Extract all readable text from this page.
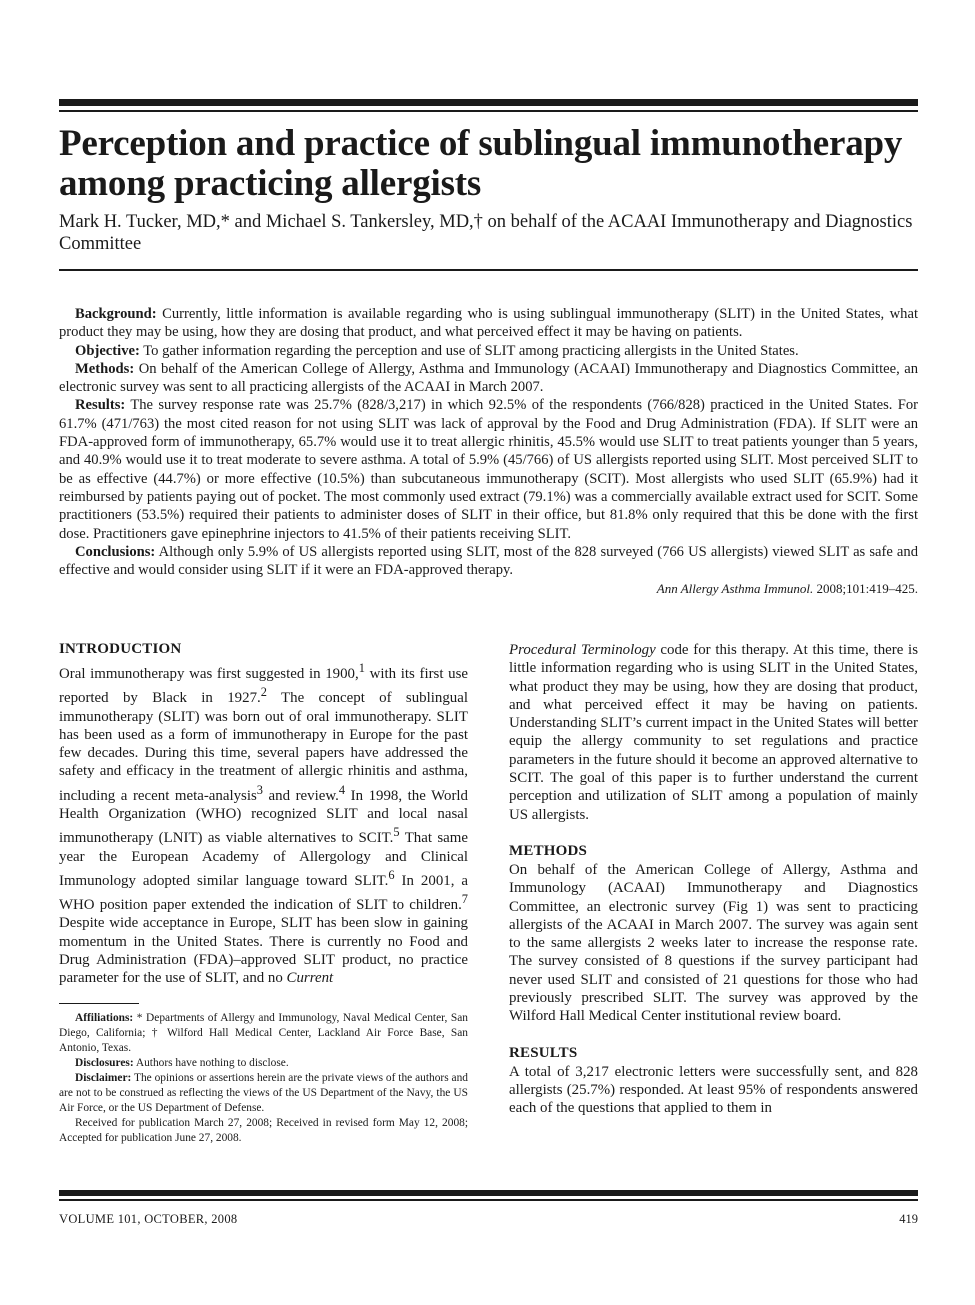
Perception and practice of sublingual immunotherapy among practicing allergists

Mark H. Tucker, MD,* and Michael S. Tankersley, MD,† on behalf of the ACAAI Immunotherapy and Diagnostics Committee

Background: Currently, little information is available regarding who is using sublingual immunotherapy (SLIT) in the United States, what product they may be using, how they are dosing that product, and what perceived effect it may be having on patients.

Objective: To gather information regarding the perception and use of SLIT among practicing allergists in the United States.

Methods: On behalf of the American College of Allergy, Asthma and Immunology (ACAAI) Immunotherapy and Diagnostics Committee, an electronic survey was sent to all practicing allergists of the ACAAI in March 2007.

Results: The survey response rate was 25.7% (828/3,217) in which 92.5% of the respondents (766/828) practiced in the United States. For 61.7% (471/763) the most cited reason for not using SLIT was lack of approval by the Food and Drug Administration (FDA). If SLIT were an FDA-approved form of immunotherapy, 65.7% would use it to treat allergic rhinitis, 45.5% would use SLIT to treat patients younger than 5 years, and 40.9% would use it to treat moderate to severe asthma. A total of 5.9% (45/766) of US allergists reported using SLIT. Most perceived SLIT to be as effective (44.7%) or more effective (10.5%) than subcutaneous immunotherapy (SCIT). Most allergists who used SLIT (65.9%) had it reimbursed by patients paying out of pocket. The most commonly used extract (79.1%) was a commercially available extract used for SCIT. Some practitioners (53.5%) required their patients to administer doses of SLIT in their office, but 81.8% only required that this be done with the first dose. Practitioners gave epinephrine injectors to 41.5% of their patients receiving SLIT.

Conclusions: Although only 5.9% of US allergists reported using SLIT, most of the 828 surveyed (766 US allergists) viewed SLIT as safe and effective and would consider using SLIT if it were an FDA-approved therapy.

Ann Allergy Asthma Immunol. 2008;101:419–425.
INTRODUCTION

Oral immunotherapy was first suggested in 1900,$^1$ with its first use reported by Black in 1927.$^2$ The concept of sublingual immunotherapy (SLIT) was born out of oral immunotherapy. SLIT has been used as a form of immunotherapy in Europe for the past few decades. During this time, several papers have addressed the safety and efficacy in the treatment of allergic rhinitis and asthma, including a recent meta-analysis$^3$ and review.$^4$ In 1998, the World Health Organization (WHO) recognized SLIT and local nasal immunotherapy (LNIT) as viable alternatives to SCIT.$^5$ That same year the European Academy of Allergology and Clinical Immunology adopted similar language toward SLIT.$^6$ In 2001, a WHO position paper extended the indication of SLIT to children.$^7$ Despite wide acceptance in Europe, SLIT has been slow in gaining momentum in the United States. There is currently no Food and Drug Administration (FDA)–approved SLIT product, no practice parameter for the use of SLIT, and no Current

Affiliations: * Departments of Allergy and Immunology, Naval Medical Center, San Diego, California; † Wilford Hall Medical Center, Lackland Air Force Base, San Antonio, Texas.

Disclosures: Authors have nothing to disclose.

Disclaimer: The opinions or assertions herein are the private views of the authors and are not to be construed as reflecting the views of the US Department of the Navy, the US Air Force, or the US Department of Defense.

Received for publication March 27, 2008; Received in revised form May 12, 2008; Accepted for publication June 27, 2008.

Procedural Terminology code for this therapy. At this time, there is little information regarding who is using SLIT in the United States, what product they may be using, how they are dosing that product, and what perceived effect it may be having on patients. Understanding SLIT’s current impact in the United States will better equip the allergy community to set regulations and practice parameters in the future should it become an approved alternative to SCIT. The goal of this paper is to further understand the current perception and utilization of SLIT among a population of mainly US allergists.

METHODS

On behalf of the American College of Allergy, Asthma and Immunology (ACAAI) Immunotherapy and Diagnostics Committee, an electronic survey (Fig 1) was sent to practicing allergists of the ACAAI in March 2007. The survey was again sent to the same allergists 2 weeks later to increase the response rate. The survey consisted of 8 questions if the survey participant had never used SLIT and consisted of 21 questions for those who had previously prescribed SLIT. The survey was approved by the Wilford Hall Medical Center institutional review board.

RESULTS

A total of 3,217 electronic letters were successfully sent, and 828 allergists (25.7%) responded. At least 95% of respondents answered each of the questions that applied to them in

VOLUME 101, OCTOBER, 2008	419
